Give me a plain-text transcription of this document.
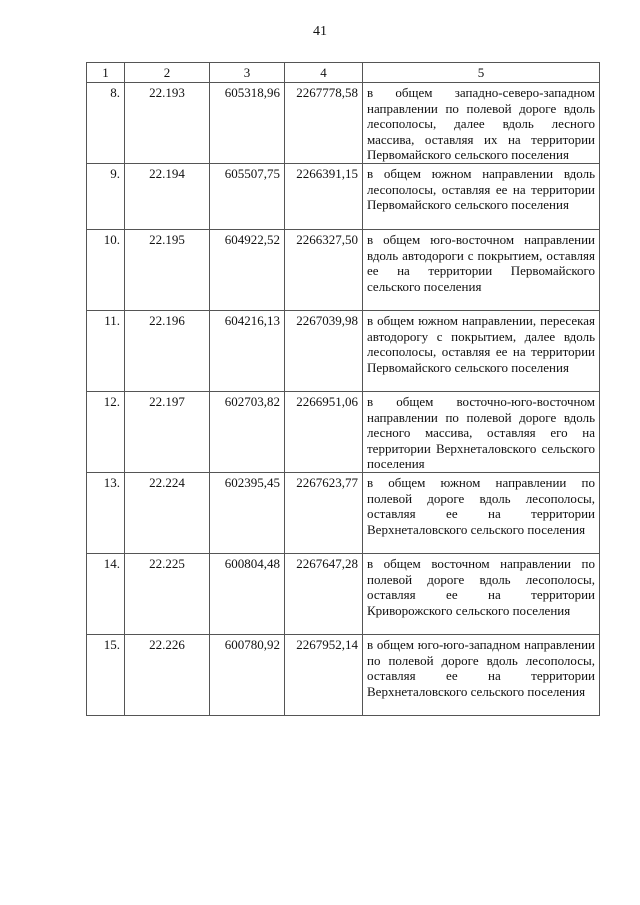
41
1	2	3	4	5
8.	22.193	605318,96	2267778,58	в общем западно-северо-западном направлении по полевой дороге вдоль лесополосы, далее вдоль лесного массива, оставляя их на территории Первомайского сельского поселения
9.	22.194	605507,75	2266391,15	в общем южном направлении вдоль лесополосы, оставляя ее на территории Первомайского сельского поселения
10.	22.195	604922,52	2266327,50	в общем юго-восточном направлении вдоль автодороги с покрытием, оставляя ее на территории Первомайского сельского поселения
11.	22.196	604216,13	2267039,98	в общем южном направлении, пересекая автодорогу с покрытием, далее вдоль лесополосы, оставляя ее на территории Первомайского сельского поселения
12.	22.197	602703,82	2266951,06	в общем восточно-юго-восточном направлении по полевой дороге вдоль лесного массива, оставляя его на территории Верхнеталовского сельского поселения
13.	22.224	602395,45	2267623,77	в общем южном направлении по полевой дороге вдоль лесополосы, оставляя ее на территории Верхнеталовского сельского поселения
14.	22.225	600804,48	2267647,28	в общем восточном направлении по полевой дороге вдоль лесополосы, оставляя ее на территории Криворожского сельского поселения
15.	22.226	600780,92	2267952,14	в общем юго-юго-западном направлении по полевой дороге вдоль лесополосы, оставляя ее на территории Верхнеталовского сельского поселения
